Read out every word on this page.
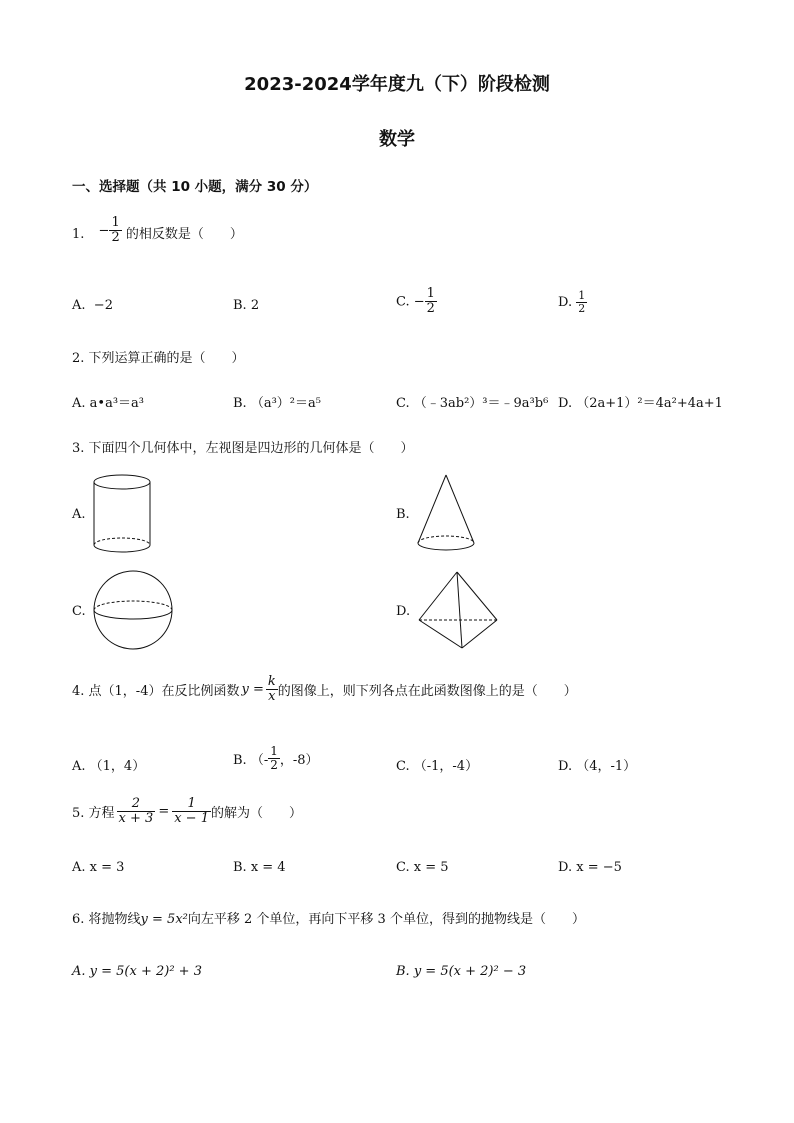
2023-2024学年度九（下）阶段检测
数学
一、选择题（共 10 小题，满分 30 分）
1. − $\frac{1}{2}$ 的相反数是（　　）
A. −2	B. 2	C. − $\frac{1}{2}$	D. $\frac{1}{2}$
2. 下列运算正确的是（　　）
A. a•a³＝a³	B. （a³）²＝a⁵	C. （﹣3ab²）³＝﹣9a³b⁶ D. （2a+1）²＝4a²+4a+1
3. 下面四个几何体中，左视图是四边形的几何体是（　　）
A.	B.
C.	D.
4. 点（1，-4）在反比例函数 $y = \frac{k}{x}$ 的图像上，则下列各点在此函数图像上的是（　　）
A. （1，4）	B. （- $\frac{1}{2}$ ，-8）	C. （-1，-4）	D. （4，-1）
5. 方程 $\frac{2}{x + 3} = \frac{1}{x - 1}$ 的解为（　　）
A. x = 3	B. x = 4	C. x = 5	D. x = −5
6. 将抛物线y = 5x²向左平移 2 个单位，再向下平移 3 个单位，得到的抛物线是（　　）
A. y = 5(x + 2)² + 3	B. y = 5(x + 2)² − 3
